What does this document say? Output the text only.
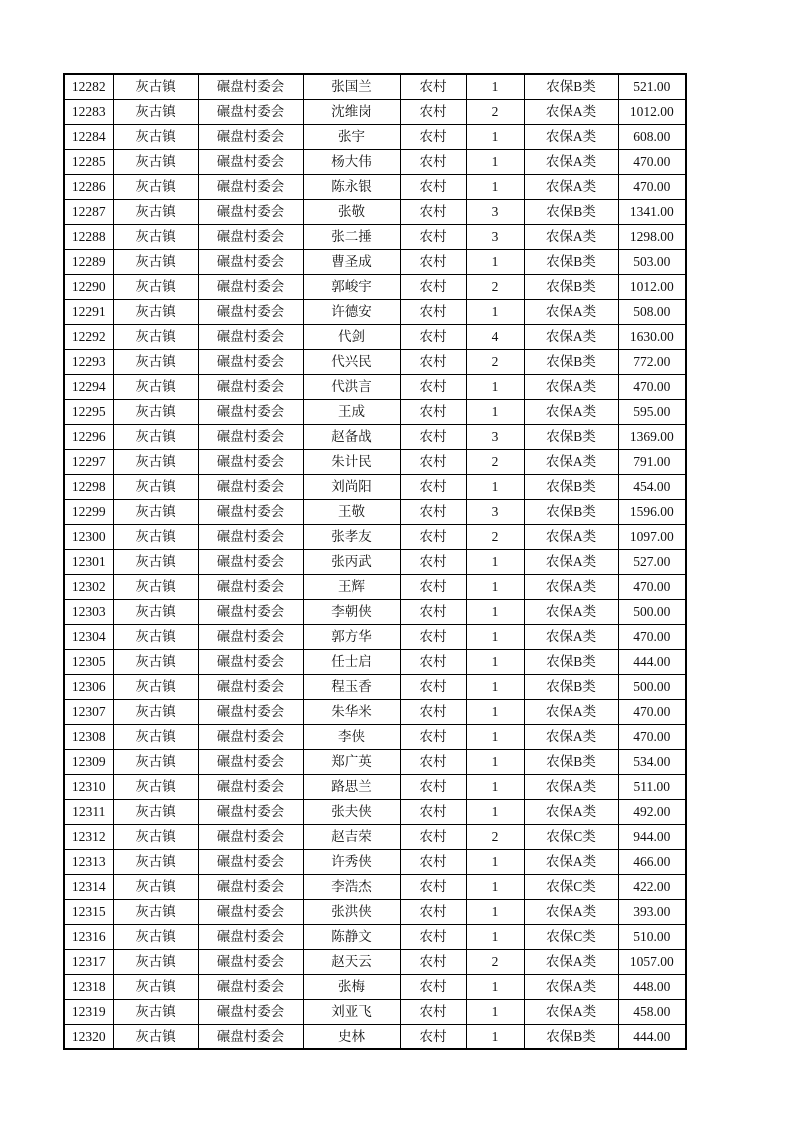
12282	灰古镇	碾盘村委会	张国兰	农村	1	农保B类	521.00
12283	灰古镇	碾盘村委会	沈维岗	农村	2	农保A类	1012.00
12284	灰古镇	碾盘村委会	张宇	农村	1	农保A类	608.00
12285	灰古镇	碾盘村委会	杨大伟	农村	1	农保A类	470.00
12286	灰古镇	碾盘村委会	陈永银	农村	1	农保A类	470.00
12287	灰古镇	碾盘村委会	张敬	农村	3	农保B类	1341.00
12288	灰古镇	碾盘村委会	张二捶	农村	3	农保A类	1298.00
12289	灰古镇	碾盘村委会	曹圣成	农村	1	农保B类	503.00
12290	灰古镇	碾盘村委会	郭峻宇	农村	2	农保B类	1012.00
12291	灰古镇	碾盘村委会	许德安	农村	1	农保A类	508.00
12292	灰古镇	碾盘村委会	代剑	农村	4	农保A类	1630.00
12293	灰古镇	碾盘村委会	代兴民	农村	2	农保B类	772.00
12294	灰古镇	碾盘村委会	代洪言	农村	1	农保A类	470.00
12295	灰古镇	碾盘村委会	王成	农村	1	农保A类	595.00
12296	灰古镇	碾盘村委会	赵备战	农村	3	农保B类	1369.00
12297	灰古镇	碾盘村委会	朱计民	农村	2	农保A类	791.00
12298	灰古镇	碾盘村委会	刘尚阳	农村	1	农保B类	454.00
12299	灰古镇	碾盘村委会	王敬	农村	3	农保B类	1596.00
12300	灰古镇	碾盘村委会	张孝友	农村	2	农保A类	1097.00
12301	灰古镇	碾盘村委会	张丙武	农村	1	农保A类	527.00
12302	灰古镇	碾盘村委会	王辉	农村	1	农保A类	470.00
12303	灰古镇	碾盘村委会	李朝侠	农村	1	农保A类	500.00
12304	灰古镇	碾盘村委会	郭方华	农村	1	农保A类	470.00
12305	灰古镇	碾盘村委会	任士启	农村	1	农保B类	444.00
12306	灰古镇	碾盘村委会	程玉香	农村	1	农保B类	500.00
12307	灰古镇	碾盘村委会	朱华米	农村	1	农保A类	470.00
12308	灰古镇	碾盘村委会	李侠	农村	1	农保A类	470.00
12309	灰古镇	碾盘村委会	郑广英	农村	1	农保B类	534.00
12310	灰古镇	碾盘村委会	路思兰	农村	1	农保A类	511.00
12311	灰古镇	碾盘村委会	张夫侠	农村	1	农保A类	492.00
12312	灰古镇	碾盘村委会	赵吉荣	农村	2	农保C类	944.00
12313	灰古镇	碾盘村委会	许秀侠	农村	1	农保A类	466.00
12314	灰古镇	碾盘村委会	李浩杰	农村	1	农保C类	422.00
12315	灰古镇	碾盘村委会	张洪侠	农村	1	农保A类	393.00
12316	灰古镇	碾盘村委会	陈静文	农村	1	农保C类	510.00
12317	灰古镇	碾盘村委会	赵天云	农村	2	农保A类	1057.00
12318	灰古镇	碾盘村委会	张梅	农村	1	农保A类	448.00
12319	灰古镇	碾盘村委会	刘亚飞	农村	1	农保A类	458.00
12320	灰古镇	碾盘村委会	史林	农村	1	农保B类	444.00
